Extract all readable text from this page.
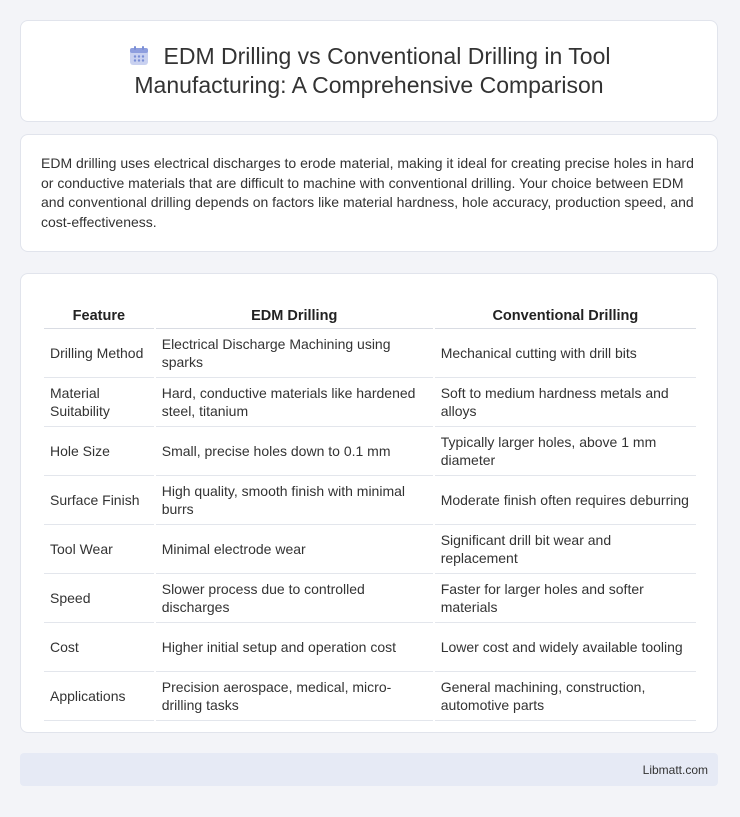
EDM Drilling vs Conventional Drilling in Tool
Manufacturing: A Comprehensive Comparison

EDM drilling uses electrical discharges to erode material, making it ideal for creating precise holes in hard or conductive materials that are difficult to machine with conventional drilling. Your choice between EDM and conventional drilling depends on factors like material hardness, hole accuracy, production speed, and cost-effectiveness.

Feature	EDM Drilling	Conventional Drilling
Drilling Method	Electrical Discharge Machining using sparks	Mechanical cutting with drill bits
Material Suitability	Hard, conductive materials like hardened steel, titanium	Soft to medium hardness metals and alloys
Hole Size	Small, precise holes down to 0.1 mm	Typically larger holes, above 1 mm diameter
Surface Finish	High quality, smooth finish with minimal burrs	Moderate finish often requires deburring
Tool Wear	Minimal electrode wear	Significant drill bit wear and replacement
Speed	Slower process due to controlled discharges	Faster for larger holes and softer materials
Cost	Higher initial setup and operation cost	Lower cost and widely available tooling
Applications	Precision aerospace, medical, micro-drilling tasks	General machining, construction, automotive parts
Libmatt.com
